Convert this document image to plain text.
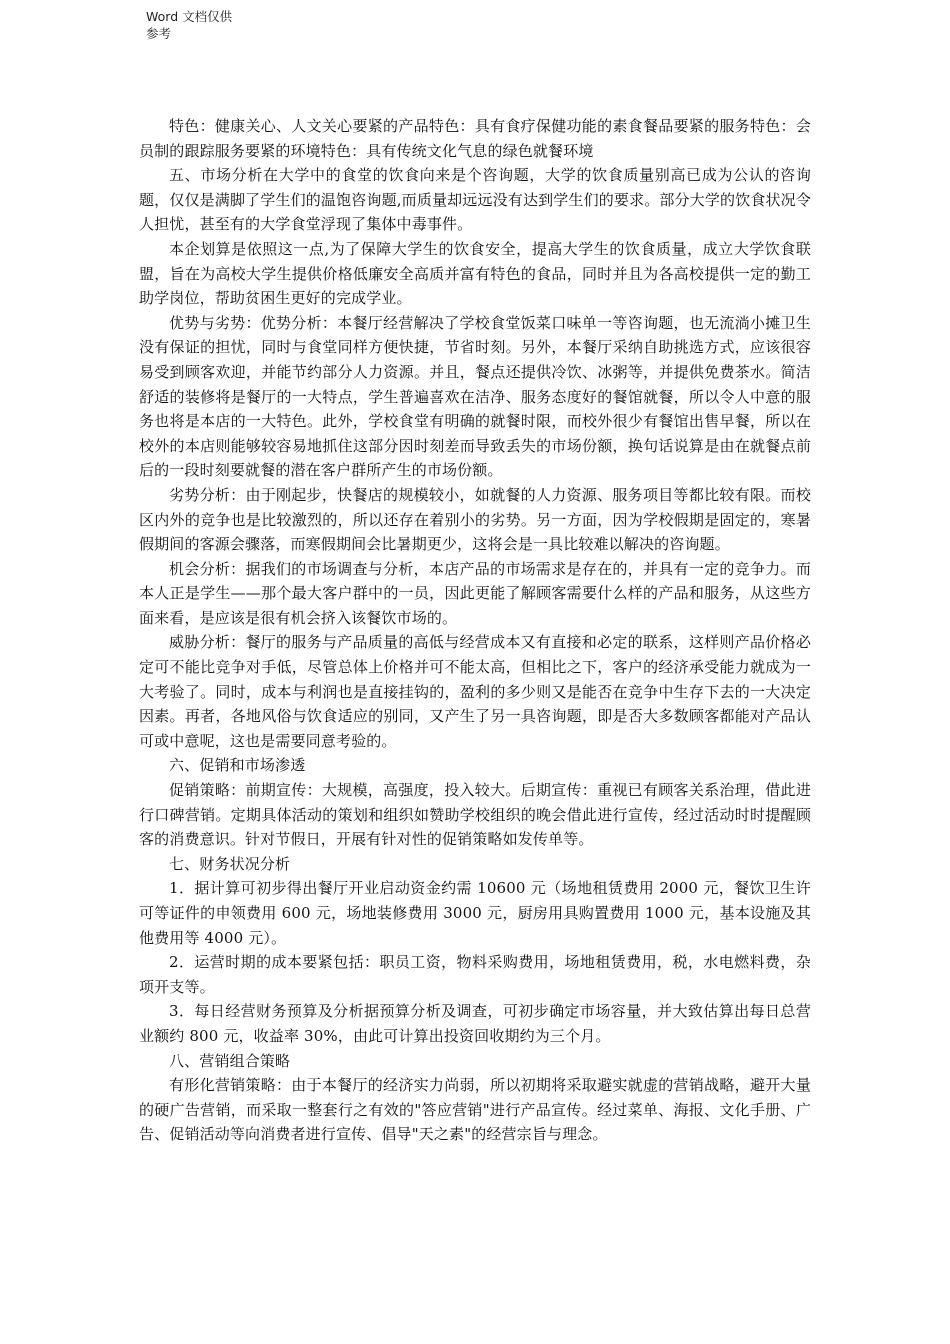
Word 文档仅供参考

特色：健康关心、人文关心要紧的产品特色：具有食疗保健功能的素食餐品要紧的服务特色：会员制的跟踪服务要紧的环境特色：具有传统文化气息的绿色就餐环境

五、市场分析在大学中的食堂的饮食向来是个咨询题，大学的饮食质量别高已成为公认的咨询题，仅仅是满脚了学生们的温饱咨询题,而质量却远远没有达到学生们的要求。部分大学的饮食状况令人担忧，甚至有的大学食堂浮现了集体中毒事件。

本企划算是依照这一点,为了保障大学生的饮食安全，提高大学生的饮食质量，成立大学饮食联盟，旨在为高校大学生提供价格低廉安全高质并富有特色的食品，同时并且为各高校提供一定的勤工助学岗位，帮助贫困生更好的完成学业。

优势与劣势：优势分析：本餐厅经营解决了学校食堂饭菜口味单一等咨询题，也无流淌小摊卫生没有保证的担忧，同时与食堂同样方便快捷，节省时刻。另外，本餐厅采纳自助挑选方式，应该很容易受到顾客欢迎，并能节约部分人力资源。并且，餐点还提供冷饮、冰粥等，并提供免费茶水。简洁舒适的装修将是餐厅的一大特点，学生普遍喜欢在洁净、服务态度好的餐馆就餐，所以令人中意的服务也将是本店的一大特色。此外，学校食堂有明确的就餐时限，而校外很少有餐馆出售早餐，所以在校外的本店则能够较容易地抓住这部分因时刻差而导致丢失的市场份额，换句话说算是由在就餐点前后的一段时刻要就餐的潜在客户群所产生的市场份额。

劣势分析：由于刚起步，快餐店的规模较小，如就餐的人力资源、服务项目等都比较有限。而校区内外的竞争也是比较激烈的，所以还存在着别小的劣势。另一方面，因为学校假期是固定的，寒暑假期间的客源会骤落，而寒假期间会比暑期更少，这将会是一具比较难以解决的咨询题。

机会分析：据我们的市场调查与分析，本店产品的市场需求是存在的，并具有一定的竞争力。而本人正是学生——那个最大客户群中的一员，因此更能了解顾客需要什么样的产品和服务，从这些方面来看，是应该是很有机会挤入该餐饮市场的。

威胁分析：餐厅的服务与产品质量的高低与经营成本又有直接和必定的联系，这样则产品价格必定可不能比竞争对手低，尽管总体上价格并可不能太高，但相比之下，客户的经济承受能力就成为一大考验了。同时，成本与利润也是直接挂钩的，盈利的多少则又是能否在竞争中生存下去的一大决定因素。再者，各地风俗与饮食适应的别同，又产生了另一具咨询题，即是否大多数顾客都能对产品认可或中意呢，这也是需要同意考验的。

六、促销和市场渗透

促销策略：前期宣传：大规模，高强度，投入较大。后期宣传：重视已有顾客关系治理，借此进行口碑营销。定期具体活动的策划和组织如赞助学校组织的晚会借此进行宣传，经过活动时时提醒顾客的消费意识。针对节假日，开展有针对性的促销策略如发传单等。

七、财务状况分析

1．据计算可初步得出餐厅开业启动资金约需 10600 元（场地租赁费用 2000 元，餐饮卫生许可等证件的申领费用 600 元，场地装修费用 3000 元，厨房用具购置费用 1000 元，基本设施及其他费用等 4000 元）。

2．运营时期的成本要紧包括：职员工资，物料采购费用，场地租赁费用，税，水电燃料费，杂项开支等。

3．每日经营财务预算及分析据预算分析及调查，可初步确定市场容量，并大致估算出每日总营业额约 800 元，收益率 30%，由此可计算出投资回收期约为三个月。

八、营销组合策略

有形化营销策略：由于本餐厅的经济实力尚弱，所以初期将采取避实就虚的营销战略，避开大量的硬广告营销，而采取一整套行之有效的"答应营销"进行产品宣传。经过菜单、海报、文化手册、广告、促销活动等向消费者进行宣传、倡导"天之素"的经营宗旨与理念。
